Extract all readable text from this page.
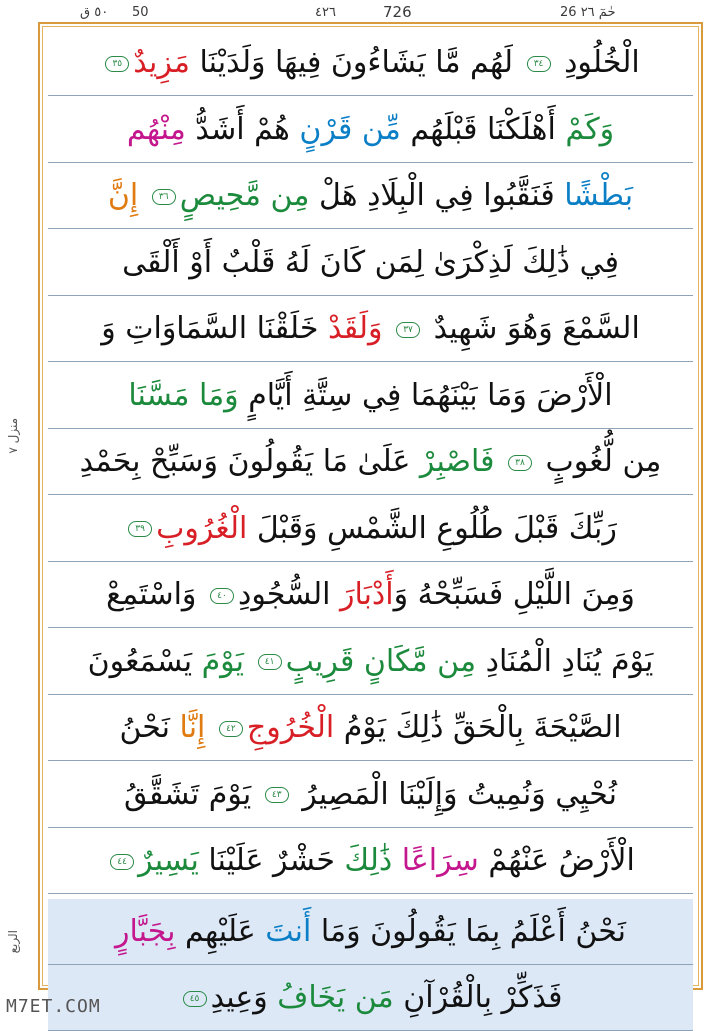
٥٠ ق 50	٤٢٦	726	26 حٰمٓ ٢٦
الْخُلُودِ ٣٤ لَهُم مَّا يَشَاءُونَ فِيهَا وَلَدَيْنَا مَزِيدٌ٣٥
وَكَمْ أَهْلَكْنَا قَبْلَهُم مِّن قَرْنٍ هُمْ أَشَدُّ مِنْهُم
بَطْشًا فَنَقَّبُوا فِي الْبِلَادِ هَلْ مِن مَّحِيصٍ٣٦ إِنَّ
فِي ذَٰلِكَ لَذِكْرَىٰ لِمَن كَانَ لَهُ قَلْبٌ أَوْ أَلْقَى
السَّمْعَ وَهُوَ شَهِيدٌ ٣٧ وَلَقَدْ خَلَقْنَا السَّمَاوَاتِ وَ
الْأَرْضَ وَمَا بَيْنَهُمَا فِي سِتَّةِ أَيَّامٍ وَمَا مَسَّنَا
مِن لُّغُوبٍ ٣٨ فَاصْبِرْ عَلَىٰ مَا يَقُولُونَ وَسَبِّحْ بِحَمْدِ
رَبِّكَ قَبْلَ طُلُوعِ الشَّمْسِ وَقَبْلَ الْغُرُوبِ٣٩
وَمِنَ اللَّيْلِ فَسَبِّحْهُ وَأَدْبَارَ السُّجُودِ٤٠ وَاسْتَمِعْ
يَوْمَ يُنَادِ الْمُنَادِ مِن مَّكَانٍ قَرِيبٍ٤١ يَوْمَ يَسْمَعُونَ
الصَّيْحَةَ بِالْحَقِّ ذَٰلِكَ يَوْمُ الْخُرُوجِ٤٢ إِنَّا نَحْنُ
نُحْيِي وَنُمِيتُ وَإِلَيْنَا الْمَصِيرُ ٤٣ يَوْمَ تَشَقَّقُ
الْأَرْضُ عَنْهُمْ سِرَاعًا ذَٰلِكَ حَشْرٌ عَلَيْنَا يَسِيرٌ٤٤
نَحْنُ أَعْلَمُ بِمَا يَقُولُونَ وَمَا أَنتَ عَلَيْهِم بِجَبَّارٍ
فَذَكِّرْ بِالْقُرْآنِ مَن يَخَافُ وَعِيدِ٤٥
منزل ٧
الربع
M7ET.COM
